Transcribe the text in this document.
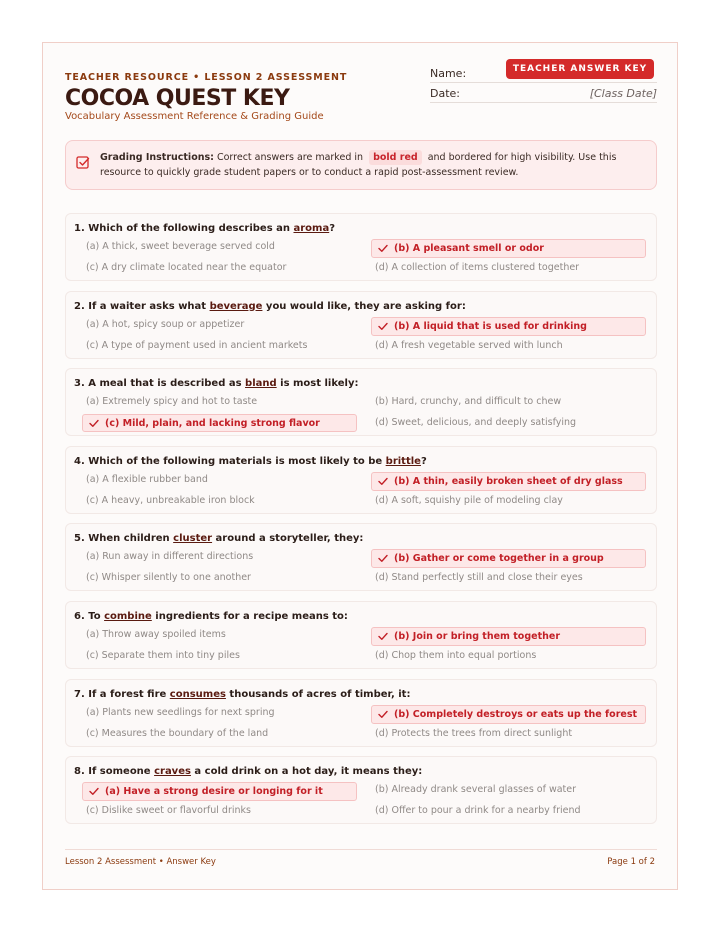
TEACHER RESOURCE • LESSON 2 ASSESSMENT
COCOA QUEST KEY
Vocabulary Assessment Reference & Grading Guide
Name:
Date:	[Class Date]
TEACHER ANSWER KEY
Grading Instructions: Correct answers are marked in bold red and bordered for high visibility. Use this resource to quickly grade student papers or to conduct a rapid post-assessment review.
1. Which of the following describes an aroma?
(a) A thick, sweet beverage served cold	(b) A pleasant smell or odor
(c) A dry climate located near the equator	(d) A collection of items clustered together
2. If a waiter asks what beverage you would like, they are asking for:
(a) A hot, spicy soup or appetizer	(b) A liquid that is used for drinking
(c) A type of payment used in ancient markets	(d) A fresh vegetable served with lunch
3. A meal that is described as bland is most likely:
(a) Extremely spicy and hot to taste	(b) Hard, crunchy, and difficult to chew
(c) Mild, plain, and lacking strong flavor	(d) Sweet, delicious, and deeply satisfying
4. Which of the following materials is most likely to be brittle?
(a) A flexible rubber band	(b) A thin, easily broken sheet of dry glass
(c) A heavy, unbreakable iron block	(d) A soft, squishy pile of modeling clay
5. When children cluster around a storyteller, they:
(a) Run away in different directions	(b) Gather or come together in a group
(c) Whisper silently to one another	(d) Stand perfectly still and close their eyes
6. To combine ingredients for a recipe means to:
(a) Throw away spoiled items	(b) Join or bring them together
(c) Separate them into tiny piles	(d) Chop them into equal portions
7. If a forest fire consumes thousands of acres of timber, it:
(a) Plants new seedlings for next spring	(b) Completely destroys or eats up the forest
(c) Measures the boundary of the land	(d) Protects the trees from direct sunlight
8. If someone craves a cold drink on a hot day, it means they:
(a) Have a strong desire or longing for it	(b) Already drank several glasses of water
(c) Dislike sweet or flavorful drinks	(d) Offer to pour a drink for a nearby friend
Lesson 2 Assessment • Answer Key	Page 1 of 2
